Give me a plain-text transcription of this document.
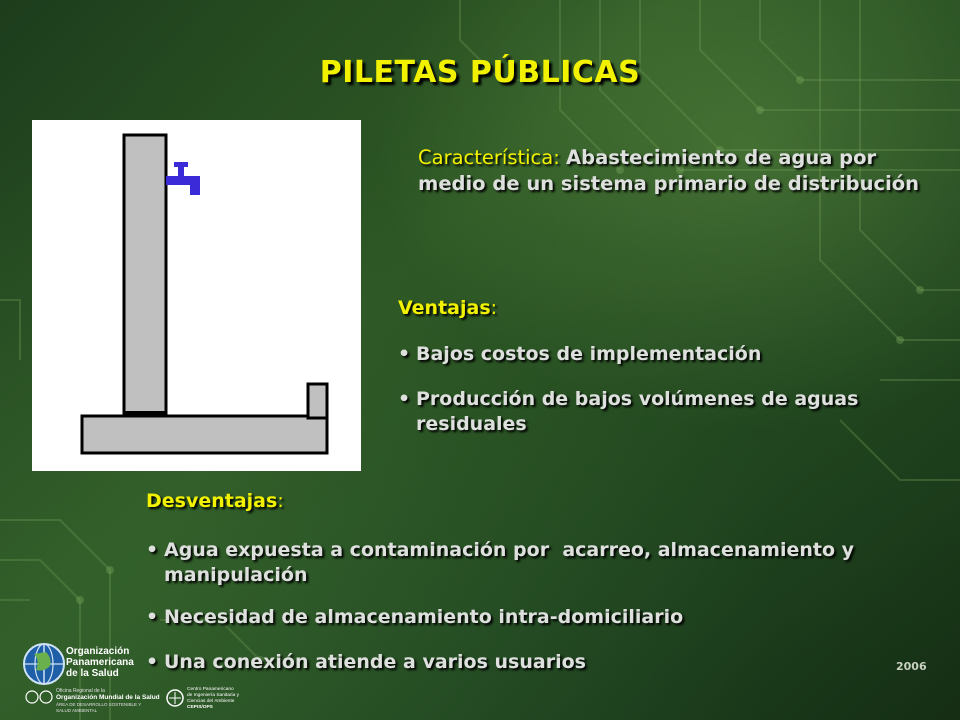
PILETAS PÚBLICAS
Característica: Abastecimiento de agua por medio de un sistema primario de distribución
Ventajas:
• Bajos costos de implementación
• Producción de bajos volúmenes de aguas residuales
Desventajas:
• Agua expuesta a contaminación por  acarreo, almacenamiento y manipulación
• Necesidad de almacenamiento intra-domiciliario
• Una conexión atiende a varios usuarios
Organización
Panamericana
de la Salud
Oficina Regional de la
Organización Mundial de la Salud
ÁREA DE DESARROLLO SOSTENIBLE Y
SALUD AMBIENTAL
Centro Panamericano
de Ingeniería Sanitaria y
Ciencias del Ambiente
CEPIS/OPS
2006
